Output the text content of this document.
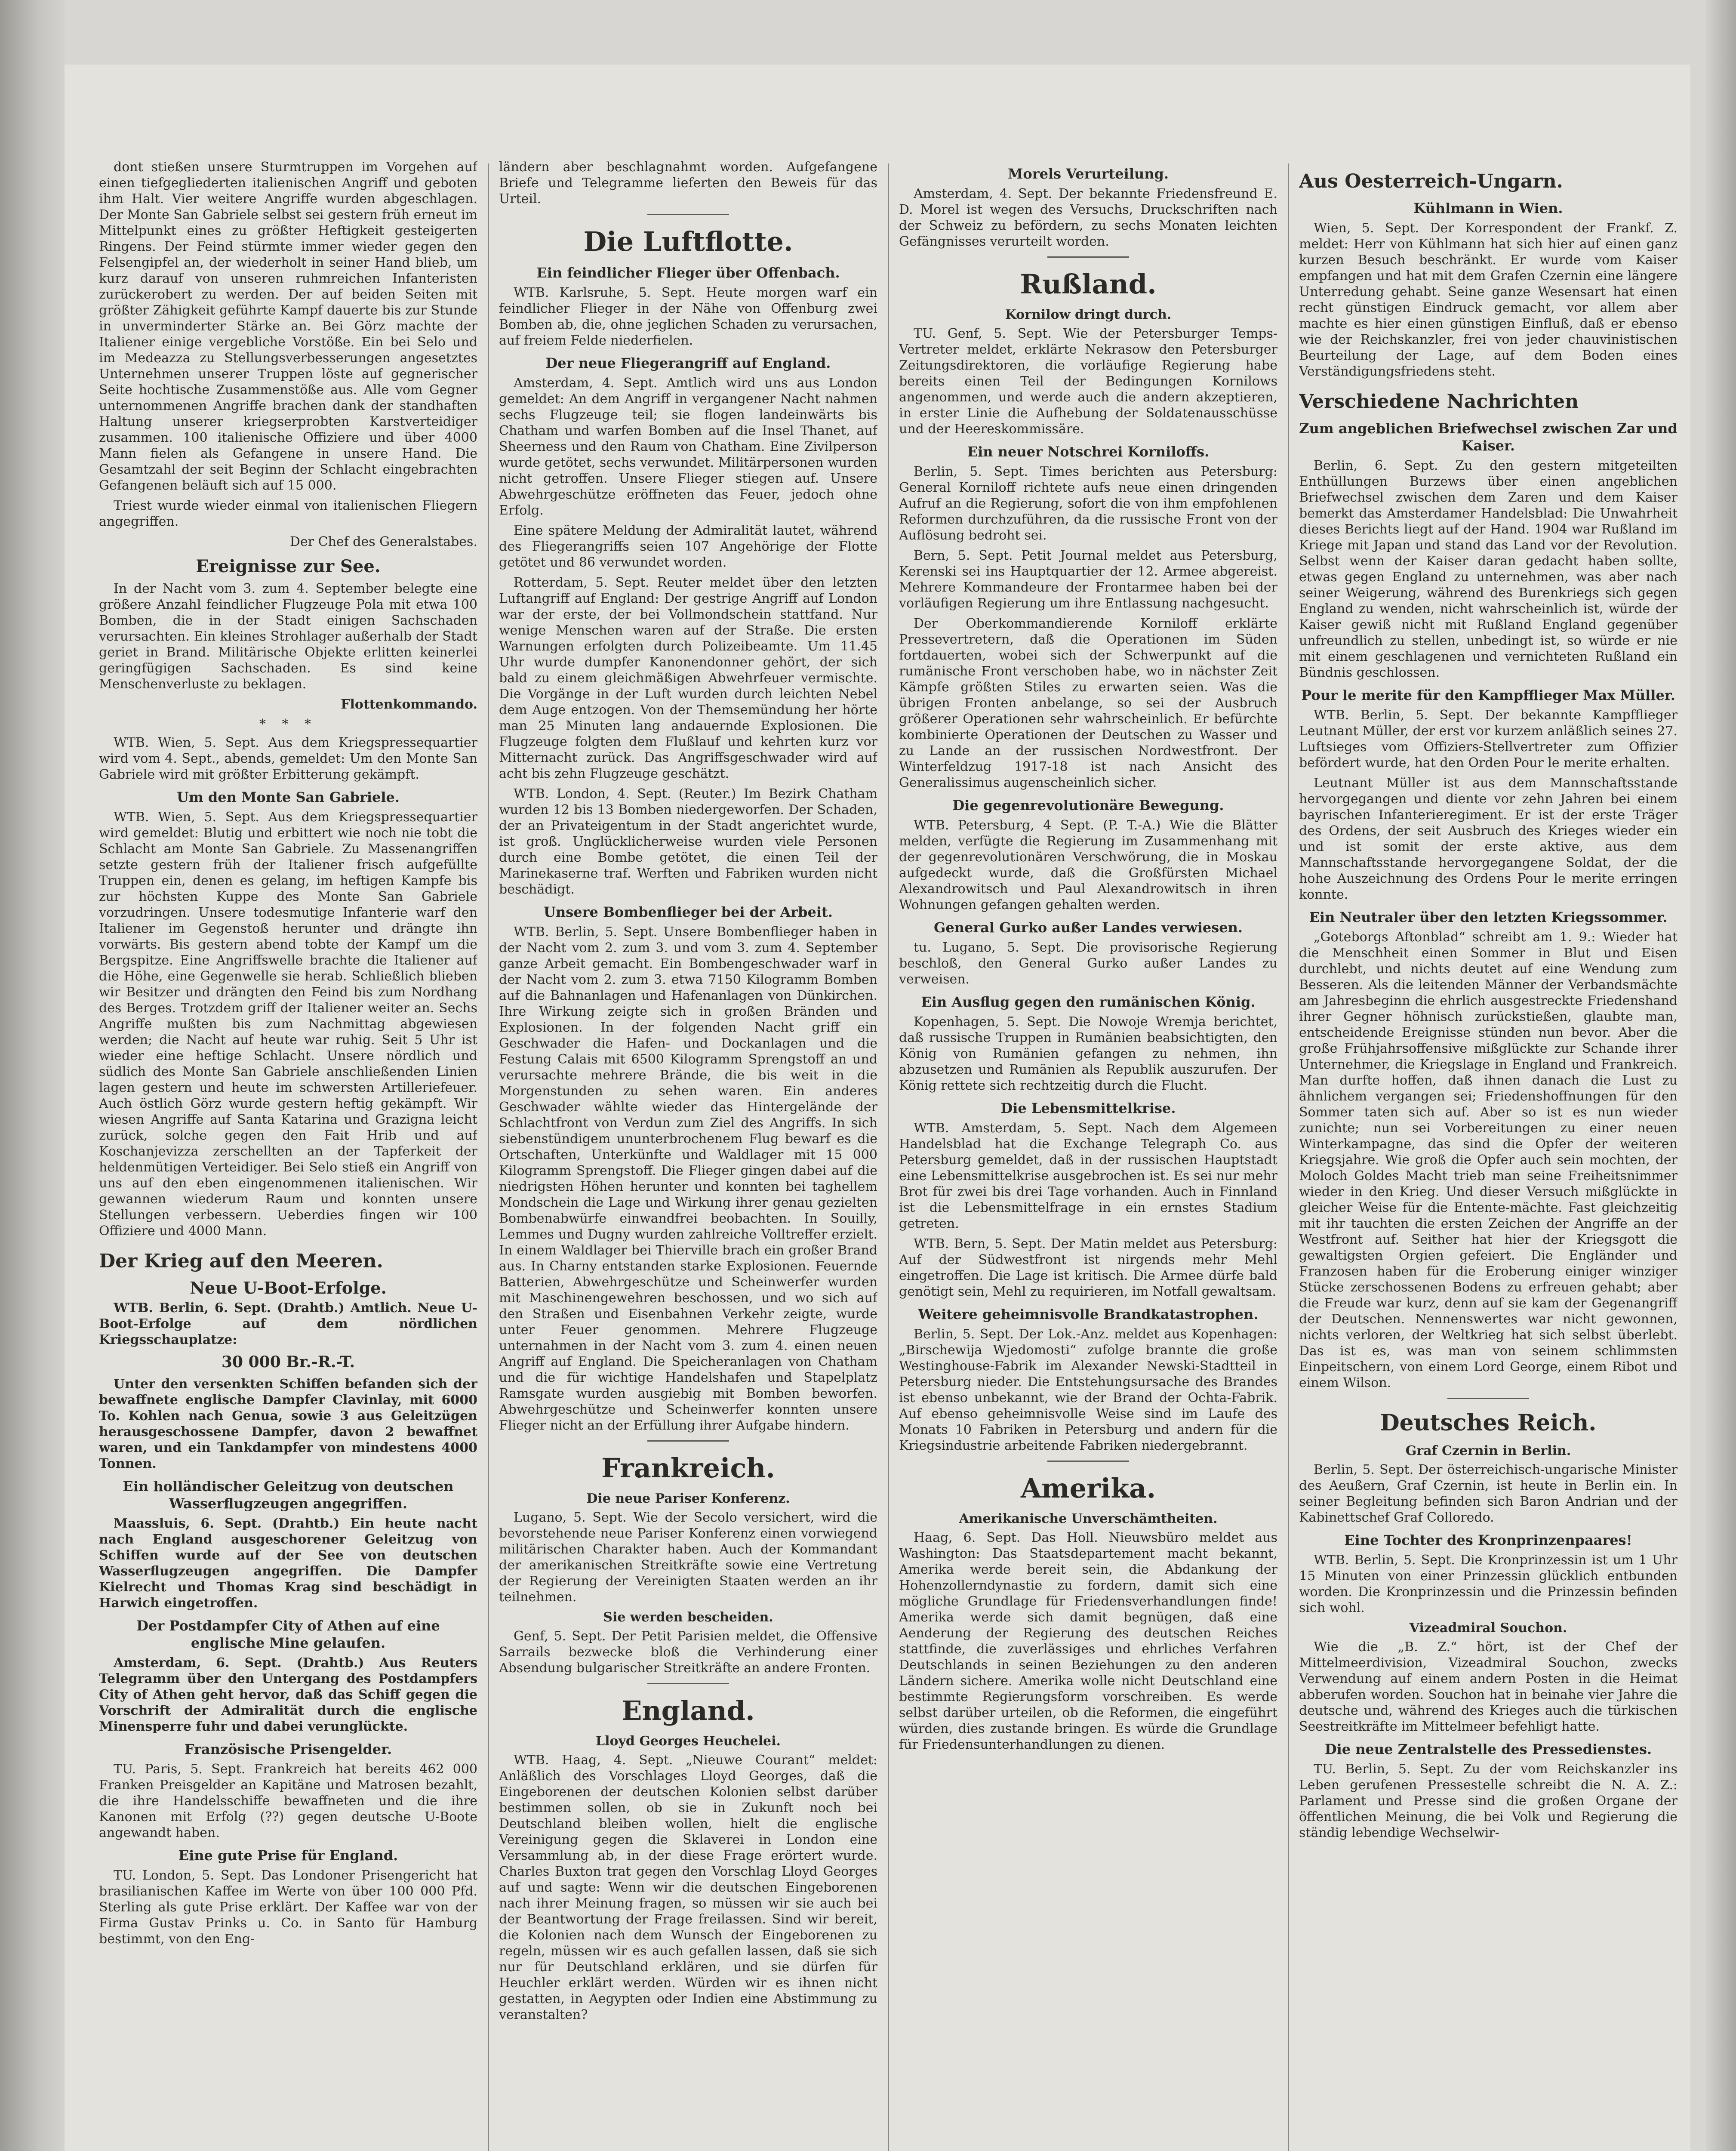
dont stießen unsere Sturmtruppen im Vorgehen auf einen tiefgegliederten italienischen Angriff und geboten ihm Halt. Vier weitere Angriffe wurden abgeschlagen. Der Monte San Gabriele selbst sei gestern früh erneut im Mittelpunkt eines zu größter Heftigkeit gesteigerten Ringens. Der Feind stürmte immer wieder gegen den Felsengipfel an, der wiederholt in seiner Hand blieb, um kurz darauf von unseren ruhmreichen Infanteristen zurückerobert zu werden. Der auf beiden Seiten mit größter Zähigkeit geführte Kampf dauerte bis zur Stunde in unverminderter Stärke an. Bei Görz machte der Italiener einige vergebliche Vorstöße. Ein bei Selo und im Medeazza zu Stellungsverbesserungen angesetztes Unternehmen unserer Truppen löste auf gegnerischer Seite hochtische Zusammenstöße aus. Alle vom Gegner unternommenen Angriffe brachen dank der standhaften Haltung unserer kriegserprobten Karstverteidiger zusammen. 100 italienische Offiziere und über 4000 Mann fielen als Gefangene in unsere Hand. Die Gesamtzahl der seit Beginn der Schlacht eingebrachten Gefangenen beläuft sich auf 15 000.

Triest wurde wieder einmal von italienischen Fliegern angegriffen.

Der Chef des Generalstabes.

Ereignisse zur See.

In der Nacht vom 3. zum 4. September belegte eine größere Anzahl feindlicher Flugzeuge Pola mit etwa 100 Bomben, die in der Stadt einigen Sachschaden verursachten. Ein kleines Strohlager außerhalb der Stadt geriet in Brand. Militärische Objekte erlitten keinerlei geringfügigen Sachschaden. Es sind keine Menschenverluste zu beklagen.

Flottenkommando.

* * *

WTB. Wien, 5. Sept. Aus dem Kriegspressequartier wird vom 4. Sept., abends, gemeldet: Um den Monte San Gabriele wird mit größter Erbitterung gekämpft.

Um den Monte San Gabriele.

WTB. Wien, 5. Sept. Aus dem Kriegspressequartier wird gemeldet: Blutig und erbittert wie noch nie tobt die Schlacht am Monte San Gabriele. Zu Massenangriffen setzte gestern früh der Italiener frisch aufgefüllte Truppen ein, denen es gelang, im heftigen Kampfe bis zur höchsten Kuppe des Monte San Gabriele vorzudringen. Unsere todesmutige Infanterie warf den Italiener im Gegenstoß herunter und drängte ihn vorwärts. Bis gestern abend tobte der Kampf um die Bergspitze. Eine Angriffswelle brachte die Italiener auf die Höhe, eine Gegenwelle sie herab. Schließlich blieben wir Besitzer und drängten den Feind bis zum Nordhang des Berges. Trotzdem griff der Italiener weiter an. Sechs Angriffe mußten bis zum Nachmittag abgewiesen werden; die Nacht auf heute war ruhig. Seit 5 Uhr ist wieder eine heftige Schlacht. Unsere nördlich und südlich des Monte San Gabriele anschließenden Linien lagen gestern und heute im schwersten Artilleriefeuer. Auch östlich Görz wurde gestern heftig gekämpft. Wir wiesen Angriffe auf Santa Katarina und Grazigna leicht zurück, solche gegen den Fait Hrib und auf Koschanjevizza zerschellten an der Tapferkeit der heldenmütigen Verteidiger. Bei Selo stieß ein Angriff von uns auf den eben eingenommenen italienischen. Wir gewannen wiederum Raum und konnten unsere Stellungen verbessern. Ueberdies fingen wir 100 Offiziere und 4000 Mann.

Der Krieg auf den Meeren.
Neue U-Boot-Erfolge.

WTB. Berlin, 6. Sept. (Drahtb.) Amtlich. Neue U-Boot-Erfolge auf dem nördlichen Kriegsschauplatze:

30 000 Br.-R.-T.

Unter den versenkten Schiffen befanden sich der bewaffnete englische Dampfer Clavinlay, mit 6000 To. Kohlen nach Genua, sowie 3 aus Geleitzügen herausgeschossene Dampfer, davon 2 bewaffnet waren, und ein Tankdampfer von mindestens 4000 Tonnen.

Ein holländischer Geleitzug von deutschen Wasserflugzeugen angegriffen.

Maassluis, 6. Sept. (Drahtb.) Ein heute nacht nach England ausgeschorener Geleitzug von Schiffen wurde auf der See von deutschen Wasserflugzeugen angegriffen. Die Dampfer Kielrecht und Thomas Krag sind beschädigt in Harwich eingetroffen.

Der Postdampfer City of Athen auf eine englische Mine gelaufen.

Amsterdam, 6. Sept. (Drahtb.) Aus Reuters Telegramm über den Untergang des Postdampfers City of Athen geht hervor, daß das Schiff gegen die Vorschrift der Admiralität durch die englische Minensperre fuhr und dabei verunglückte.

Französische Prisengelder.

TU. Paris, 5. Sept. Frankreich hat bereits 462 000 Franken Preisgelder an Kapitäne und Matrosen bezahlt, die ihre Handelsschiffe bewaffneten und die ihre Kanonen mit Erfolg (??) gegen deutsche U-Boote angewandt haben.

Eine gute Prise für England.

TU. London, 5. Sept. Das Londoner Prisengericht hat brasilianischen Kaffee im Werte von über 100 000 Pfd. Sterling als gute Prise erklärt. Der Kaffee war von der Firma Gustav Prinks u. Co. in Santo für Hamburg bestimmt, von den Eng-

ländern aber beschlagnahmt worden. Aufgefangene Briefe und Telegramme lieferten den Beweis für das Urteil.

Die Luftflotte.
Ein feindlicher Flieger über Offenbach.

WTB. Karlsruhe, 5. Sept. Heute morgen warf ein feindlicher Flieger in der Nähe von Offenburg zwei Bomben ab, die, ohne jeglichen Schaden zu verursachen, auf freiem Felde niederfielen.

Der neue Fliegerangriff auf England.

Amsterdam, 4. Sept. Amtlich wird uns aus London gemeldet: An dem Angriff in vergangener Nacht nahmen sechs Flugzeuge teil; sie flogen landeinwärts bis Chatham und warfen Bomben auf die Insel Thanet, auf Sheerness und den Raum von Chatham. Eine Zivilperson wurde getötet, sechs verwundet. Militärpersonen wurden nicht getroffen. Unsere Flieger stiegen auf. Unsere Abwehrgeschütze eröffneten das Feuer, jedoch ohne Erfolg.

Eine spätere Meldung der Admiralität lautet, während des Fliegerangriffs seien 107 Angehörige der Flotte getötet und 86 verwundet worden.

Rotterdam, 5. Sept. Reuter meldet über den letzten Luftangriff auf England: Der gestrige Angriff auf London war der erste, der bei Vollmondschein stattfand. Nur wenige Menschen waren auf der Straße. Die ersten Warnungen erfolgten durch Polizeibeamte. Um 11.45 Uhr wurde dumpfer Kanonendonner gehört, der sich bald zu einem gleichmäßigen Abwehrfeuer vermischte. Die Vorgänge in der Luft wurden durch leichten Nebel dem Auge entzogen. Von der Themsemündung her hörte man 25 Minuten lang andauernde Explosionen. Die Flugzeuge folgten dem Flußlauf und kehrten kurz vor Mitternacht zurück. Das Angriffsgeschwader wird auf acht bis zehn Flugzeuge geschätzt.

WTB. London, 4. Sept. (Reuter.) Im Bezirk Chatham wurden 12 bis 13 Bomben niedergeworfen. Der Schaden, der an Privateigentum in der Stadt angerichtet wurde, ist groß. Unglücklicherweise wurden viele Personen durch eine Bombe getötet, die einen Teil der Marinekaserne traf. Werften und Fabriken wurden nicht beschädigt.

Unsere Bombenflieger bei der Arbeit.

WTB. Berlin, 5. Sept. Unsere Bombenflieger haben in der Nacht vom 2. zum 3. und vom 3. zum 4. September ganze Arbeit gemacht. Ein Bombengeschwader warf in der Nacht vom 2. zum 3. etwa 7150 Kilogramm Bomben auf die Bahnanlagen und Hafenanlagen von Dünkirchen. Ihre Wirkung zeigte sich in großen Bränden und Explosionen. In der folgenden Nacht griff ein Geschwader die Hafen- und Dockanlagen und die Festung Calais mit 6500 Kilogramm Sprengstoff an und verursachte mehrere Brände, die bis weit in die Morgenstunden zu sehen waren. Ein anderes Geschwader wählte wieder das Hintergelände der Schlachtfront von Verdun zum Ziel des Angriffs. In sich siebenstündigem ununterbrochenem Flug bewarf es die Ortschaften, Unterkünfte und Waldlager mit 15 000 Kilogramm Sprengstoff. Die Flieger gingen dabei auf die niedrigsten Höhen herunter und konnten bei taghellem Mondschein die Lage und Wirkung ihrer genau gezielten Bombenabwürfe einwandfrei beobachten. In Souilly, Lemmes und Dugny wurden zahlreiche Volltreffer erzielt. In einem Waldlager bei Thierville brach ein großer Brand aus. In Charny entstanden starke Explosionen. Feuernde Batterien, Abwehrgeschütze und Scheinwerfer wurden mit Maschinengewehren beschossen, und wo sich auf den Straßen und Eisenbahnen Verkehr zeigte, wurde unter Feuer genommen. Mehrere Flugzeuge unternahmen in der Nacht vom 3. zum 4. einen neuen Angriff auf England. Die Speicheranlagen von Chatham und die für wichtige Handelshafen und Stapelplatz Ramsgate wurden ausgiebig mit Bomben beworfen. Abwehrgeschütze und Scheinwerfer konnten unsere Flieger nicht an der Erfüllung ihrer Aufgabe hindern.

Frankreich.
Die neue Pariser Konferenz.

Lugano, 5. Sept. Wie der Secolo versichert, wird die bevorstehende neue Pariser Konferenz einen vorwiegend militärischen Charakter haben. Auch der Kommandant der amerikanischen Streitkräfte sowie eine Vertretung der Regierung der Vereinigten Staaten werden an ihr teilnehmen.

Sie werden bescheiden.

Genf, 5. Sept. Der Petit Parisien meldet, die Offensive Sarrails bezwecke bloß die Verhinderung einer Absendung bulgarischer Streitkräfte an andere Fronten.

England.
Lloyd Georges Heuchelei.

WTB. Haag, 4. Sept. „Nieuwe Courant“ meldet: Anläßlich des Vorschlages Lloyd Georges, daß die Eingeborenen der deutschen Kolonien selbst darüber bestimmen sollen, ob sie in Zukunft noch bei Deutschland bleiben wollen, hielt die englische Vereinigung gegen die Sklaverei in London eine Versammlung ab, in der diese Frage erörtert wurde. Charles Buxton trat gegen den Vorschlag Lloyd Georges auf und sagte: Wenn wir die deutschen Eingeborenen nach ihrer Meinung fragen, so müssen wir sie auch bei der Beantwortung der Frage freilassen. Sind wir bereit, die Kolonien nach dem Wunsch der Eingeborenen zu regeln, müssen wir es auch gefallen lassen, daß sie sich nur für Deutschland erklären, und sie dürfen für Heuchler erklärt werden. Würden wir es ihnen nicht gestatten, in Aegypten oder Indien eine Abstimmung zu veranstalten?

Morels Verurteilung.

Amsterdam, 4. Sept. Der bekannte Friedensfreund E. D. Morel ist wegen des Versuchs, Druckschriften nach der Schweiz zu befördern, zu sechs Monaten leichten Gefängnisses verurteilt worden.

Rußland.
Kornilow dringt durch.

TU. Genf, 5. Sept. Wie der Petersburger Temps-Vertreter meldet, erklärte Nekrasow den Petersburger Zeitungsdirektoren, die vorläufige Regierung habe bereits einen Teil der Bedingungen Kornilows angenommen, und werde auch die andern akzeptieren, in erster Linie die Aufhebung der Soldatenausschüsse und der Heereskommissäre.

Ein neuer Notschrei Korniloffs.

Berlin, 5. Sept. Times berichten aus Petersburg: General Korniloff richtete aufs neue einen dringenden Aufruf an die Regierung, sofort die von ihm empfohlenen Reformen durchzuführen, da die russische Front von der Auflösung bedroht sei.

Bern, 5. Sept. Petit Journal meldet aus Petersburg, Kerenski sei ins Hauptquartier der 12. Armee abgereist. Mehrere Kommandeure der Frontarmee haben bei der vorläufigen Regierung um ihre Entlassung nachgesucht.

Der Oberkommandierende Korniloff erklärte Pressevertretern, daß die Operationen im Süden fortdauerten, wobei sich der Schwerpunkt auf die rumänische Front verschoben habe, wo in nächster Zeit Kämpfe größten Stiles zu erwarten seien. Was die übrigen Fronten anbelange, so sei der Ausbruch größerer Operationen sehr wahrscheinlich. Er befürchte kombinierte Operationen der Deutschen zu Wasser und zu Lande an der russischen Nordwestfront. Der Winterfeldzug 1917-18 ist nach Ansicht des Generalissimus augenscheinlich sicher.

Die gegenrevolutionäre Bewegung.

WTB. Petersburg, 4 Sept. (P. T.-A.) Wie die Blätter melden, verfügte die Regierung im Zusammenhang mit der gegenrevolutionären Verschwörung, die in Moskau aufgedeckt wurde, daß die Großfürsten Michael Alexandrowitsch und Paul Alexandrowitsch in ihren Wohnungen gefangen gehalten werden.

General Gurko außer Landes verwiesen.

tu. Lugano, 5. Sept. Die provisorische Regierung beschloß, den General Gurko außer Landes zu verweisen.

Ein Ausflug gegen den rumänischen König.

Kopenhagen, 5. Sept. Die Nowoje Wremja berichtet, daß russische Truppen in Rumänien beabsichtigten, den König von Rumänien gefangen zu nehmen, ihn abzusetzen und Rumänien als Republik auszurufen. Der König rettete sich rechtzeitig durch die Flucht.

Die Lebensmittelkrise.

WTB. Amsterdam, 5. Sept. Nach dem Algemeen Handelsblad hat die Exchange Telegraph Co. aus Petersburg gemeldet, daß in der russischen Hauptstadt eine Lebensmittelkrise ausgebrochen ist. Es sei nur mehr Brot für zwei bis drei Tage vorhanden. Auch in Finnland ist die Lebensmittelfrage in ein ernstes Stadium getreten.

WTB. Bern, 5. Sept. Der Matin meldet aus Petersburg: Auf der Südwestfront ist nirgends mehr Mehl eingetroffen. Die Lage ist kritisch. Die Armee dürfe bald genötigt sein, Mehl zu requirieren, im Notfall gewaltsam.

Weitere geheimnisvolle Brandkatastrophen.

Berlin, 5. Sept. Der Lok.-Anz. meldet aus Kopenhagen: „Birschewija Wjedomosti“ zufolge brannte die große Westinghouse-Fabrik im Alexander Newski-Stadtteil in Petersburg nieder. Die Entstehungsursache des Brandes ist ebenso unbekannt, wie der Brand der Ochta-Fabrik. Auf ebenso geheimnisvolle Weise sind im Laufe des Monats 10 Fabriken in Petersburg und andern für die Kriegsindustrie arbeitende Fabriken niedergebrannt.

Amerika.
Amerikanische Unverschämtheiten.

Haag, 6. Sept. Das Holl. Nieuwsbüro meldet aus Washington: Das Staatsdepartement macht bekannt, Amerika werde bereit sein, die Abdankung der Hohenzollerndynastie zu fordern, damit sich eine mögliche Grundlage für Friedensverhandlungen finde! Amerika werde sich damit begnügen, daß eine Aenderung der Regierung des deutschen Reiches stattfinde, die zuverlässiges und ehrliches Verfahren Deutschlands in seinen Beziehungen zu den anderen Ländern sichere. Amerika wolle nicht Deutschland eine bestimmte Regierungsform vorschreiben. Es werde selbst darüber urteilen, ob die Reformen, die eingeführt würden, dies zustande bringen. Es würde die Grundlage für Friedensunterhandlungen zu dienen.

Aus Oesterreich-Ungarn.
Kühlmann in Wien.

Wien, 5. Sept. Der Korrespondent der Frankf. Z. meldet: Herr von Kühlmann hat sich hier auf einen ganz kurzen Besuch beschränkt. Er wurde vom Kaiser empfangen und hat mit dem Grafen Czernin eine längere Unterredung gehabt. Seine ganze Wesensart hat einen recht günstigen Eindruck gemacht, vor allem aber machte es hier einen günstigen Einfluß, daß er ebenso wie der Reichskanzler, frei von jeder chauvinistischen Beurteilung der Lage, auf dem Boden eines Verständigungsfriedens steht.

Verschiedene Nachrichten
Zum angeblichen Briefwechsel zwischen Zar und Kaiser.

Berlin, 6. Sept. Zu den gestern mitgeteilten Enthüllungen Burzews über einen angeblichen Briefwechsel zwischen dem Zaren und dem Kaiser bemerkt das Amsterdamer Handelsblad: Die Unwahrheit dieses Berichts liegt auf der Hand. 1904 war Rußland im Kriege mit Japan und stand das Land vor der Revolution. Selbst wenn der Kaiser daran gedacht haben sollte, etwas gegen England zu unternehmen, was aber nach seiner Weigerung, während des Burenkriegs sich gegen England zu wenden, nicht wahrscheinlich ist, würde der Kaiser gewiß nicht mit Rußland England gegenüber unfreundlich zu stellen, unbedingt ist, so würde er nie mit einem geschlagenen und vernichteten Rußland ein Bündnis geschlossen.

Pour le merite für den Kampfflieger Max Müller.

WTB. Berlin, 5. Sept. Der bekannte Kampfflieger Leutnant Müller, der erst vor kurzem anläßlich seines 27. Luftsieges vom Offiziers-Stellvertreter zum Offizier befördert wurde, hat den Orden Pour le merite erhalten.

Leutnant Müller ist aus dem Mannschaftsstande hervorgegangen und diente vor zehn Jahren bei einem bayrischen Infanterieregiment. Er ist der erste Träger des Ordens, der seit Ausbruch des Krieges wieder ein und ist somit der erste aktive, aus dem Mannschaftsstande hervorgegangene Soldat, der die hohe Auszeichnung des Ordens Pour le merite erringen konnte.

Ein Neutraler über den letzten Kriegssommer.

„Goteborgs Aftonblad“ schreibt am 1. 9.: Wieder hat die Menschheit einen Sommer in Blut und Eisen durchlebt, und nichts deutet auf eine Wendung zum Besseren. Als die leitenden Männer der Verbandsmächte am Jahresbeginn die ehrlich ausgestreckte Friedenshand ihrer Gegner höhnisch zurückstießen, glaubte man, entscheidende Ereignisse stünden nun bevor. Aber die große Frühjahrsoffensive mißglückte zur Schande ihrer Unternehmer, die Kriegslage in England und Frankreich. Man durfte hoffen, daß ihnen danach die Lust zu ähnlichem vergangen sei; Friedenshoffnungen für den Sommer taten sich auf. Aber so ist es nun wieder zunichte; nun sei Vorbereitungen zu einer neuen Winterkampagne, das sind die Opfer der weiteren Kriegsjahre. Wie groß die Opfer auch sein mochten, der Moloch Goldes Macht trieb man seine Freiheitsnimmer wieder in den Krieg. Und dieser Versuch mißglückte in gleicher Weise für die Entente-mächte. Fast gleichzeitig mit ihr tauchten die ersten Zeichen der Angriffe an der Westfront auf. Seither hat hier der Kriegsgott die gewaltigsten Orgien gefeiert. Die Engländer und Franzosen haben für die Eroberung einiger winziger Stücke zerschossenen Bodens zu erfreuen gehabt; aber die Freude war kurz, denn auf sie kam der Gegenangriff der Deutschen. Nennenswertes war nicht gewonnen, nichts verloren, der Weltkrieg hat sich selbst überlebt. Das ist es, was man von seinem schlimmsten Einpeitschern, von einem Lord George, einem Ribot und einem Wilson.

Deutsches Reich.
Graf Czernin in Berlin.

Berlin, 5. Sept. Der österreichisch-ungarische Minister des Aeußern, Graf Czernin, ist heute in Berlin ein. In seiner Begleitung befinden sich Baron Andrian und der Kabinettschef Graf Colloredo.

Eine Tochter des Kronprinzenpaares!

WTB. Berlin, 5. Sept. Die Kronprinzessin ist um 1 Uhr 15 Minuten von einer Prinzessin glücklich entbunden worden. Die Kronprinzessin und die Prinzessin befinden sich wohl.

Vizeadmiral Souchon.

Wie die „B. Z.“ hört, ist der Chef der Mittelmeerdivision, Vizeadmiral Souchon, zwecks Verwendung auf einem andern Posten in die Heimat abberufen worden. Souchon hat in beinahe vier Jahre die deutsche und, während des Krieges auch die türkischen Seestreitkräfte im Mittelmeer befehligt hatte.

Die neue Zentralstelle des Pressedienstes.

TU. Berlin, 5. Sept. Zu der vom Reichskanzler ins Leben gerufenen Pressestelle schreibt die N. A. Z.: Parlament und Presse sind die großen Organe der öffentlichen Meinung, die bei Volk und Regierung die ständig lebendige Wechselwir-
